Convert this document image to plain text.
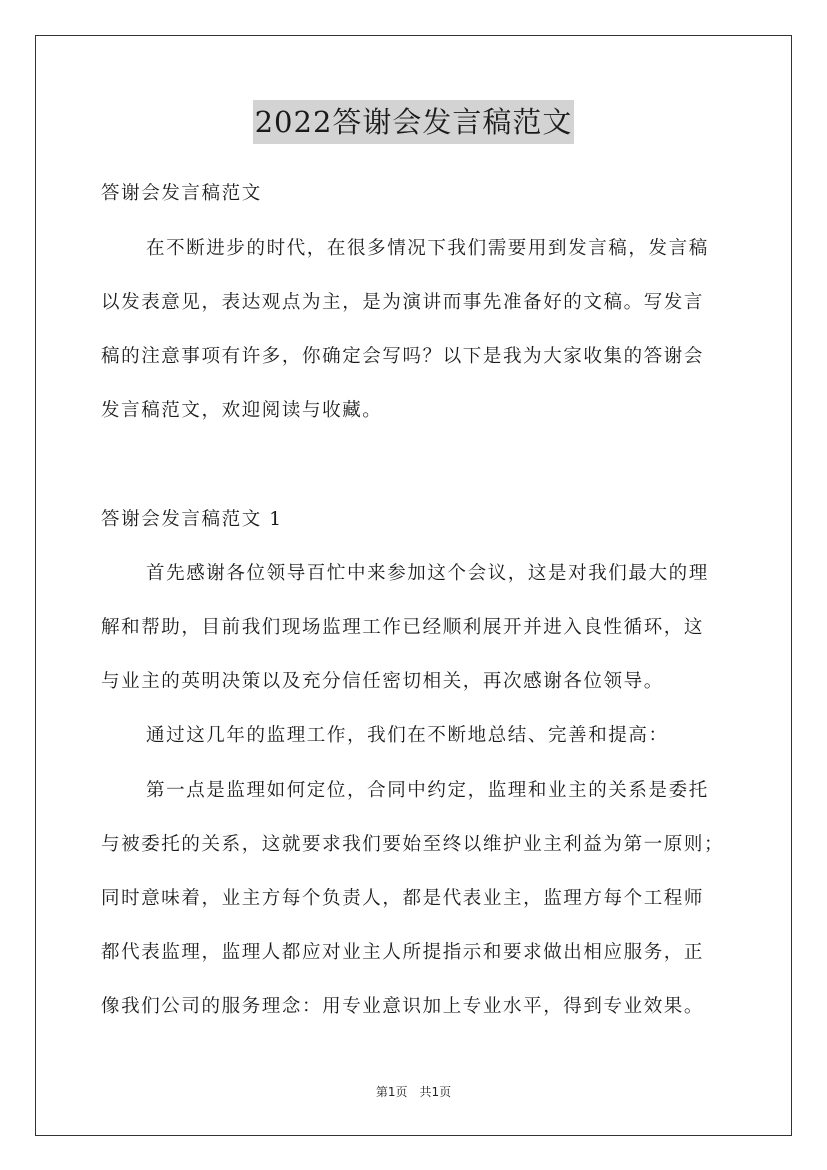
2022答谢会发言稿范文
答谢会发言稿范文
在不断进步的时代，在很多情况下我们需要用到发言稿，发言稿
以发表意见，表达观点为主，是为演讲而事先准备好的文稿。写发言
稿的注意事项有许多，你确定会写吗？以下是我为大家收集的答谢会
发言稿范文，欢迎阅读与收藏。
答谢会发言稿范文 1
首先感谢各位领导百忙中来参加这个会议，这是对我们最大的理
解和帮助，目前我们现场监理工作已经顺利展开并进入良性循环，这
与业主的英明决策以及充分信任密切相关，再次感谢各位领导。
通过这几年的监理工作，我们在不断地总结、完善和提高：
第一点是监理如何定位，合同中约定，监理和业主的关系是委托
与被委托的关系，这就要求我们要始至终以维护业主利益为第一原则；
同时意味着，业主方每个负责人，都是代表业主，监理方每个工程师
都代表监理，监理人都应对业主人所提指示和要求做出相应服务，正
像我们公司的服务理念：用专业意识加上专业水平，得到专业效果。
第1页　共1页
